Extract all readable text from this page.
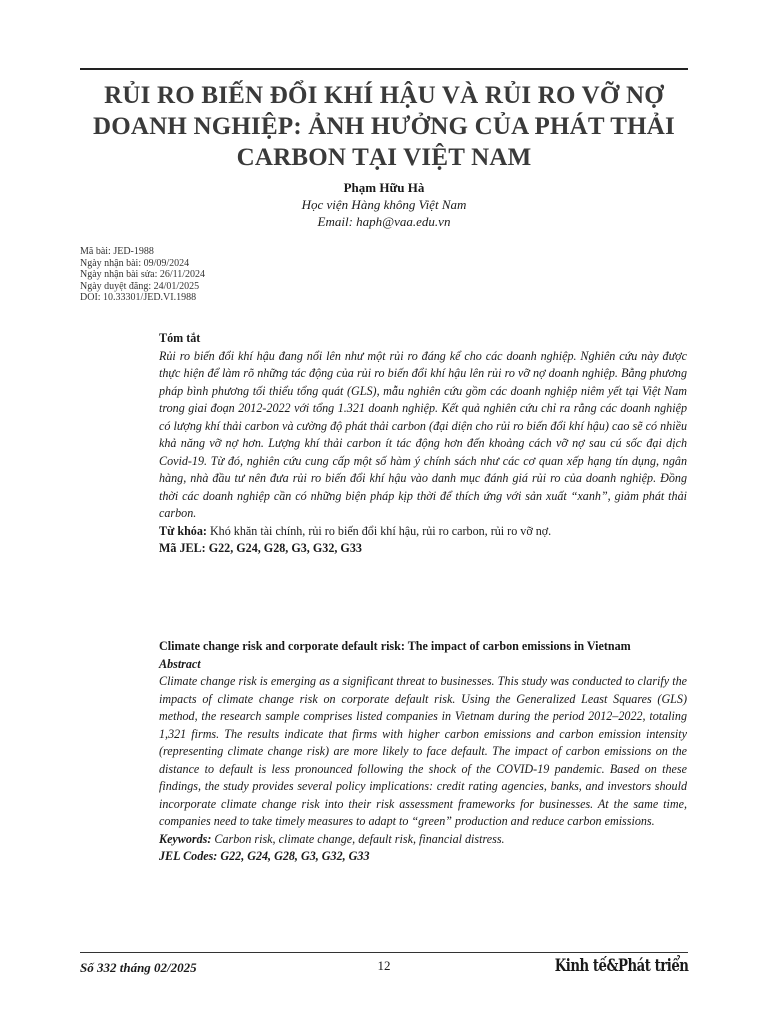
RỦI RO BIẾN ĐỔI KHÍ HẬU VÀ RỦI RO VỠ NỢ DOANH NGHIỆP: ẢNH HƯỞNG CỦA PHÁT THẢI CARBON TẠI VIỆT NAM
Phạm Hữu Hà
Học viện Hàng không Việt Nam
Email: haph@vaa.edu.vn
Mã bài: JED-1988
Ngày nhận bài: 09/09/2024
Ngày nhận bài sửa: 26/11/2024
Ngày duyệt đăng: 24/01/2025
DOI: 10.33301/JED.VI.1988
Tóm tắt
Rủi ro biến đổi khí hậu đang nổi lên như một rủi ro đáng kể cho các doanh nghiệp. Nghiên cứu này được thực hiện để làm rõ những tác động của rủi ro biến đổi khí hậu lên rủi ro vỡ nợ doanh nghiệp. Bằng phương pháp bình phương tối thiểu tổng quát (GLS), mẫu nghiên cứu gồm các doanh nghiệp niêm yết tại Việt Nam trong giai đoạn 2012-2022 với tổng 1.321 doanh nghiệp. Kết quả nghiên cứu chỉ ra rằng các doanh nghiệp có lượng khí thải carbon và cường độ phát thải carbon (đại diện cho rủi ro biến đổi khí hậu) cao sẽ có nhiều khả năng vỡ nợ hơn. Lượng khí thải carbon ít tác động hơn đến khoảng cách vỡ nợ sau cú sốc đại dịch Covid-19. Từ đó, nghiên cứu cung cấp một số hàm ý chính sách như các cơ quan xếp hạng tín dụng, ngân hàng, nhà đầu tư nên đưa rủi ro biến đổi khí hậu vào danh mục đánh giá rủi ro của doanh nghiệp. Đồng thời các doanh nghiệp cần có những biện pháp kịp thời để thích ứng với sản xuất “xanh”, giảm phát thải carbon.
Từ khóa: Khó khăn tài chính, rủi ro biến đổi khí hậu, rủi ro carbon, rủi ro vỡ nợ.
Mã JEL: G22, G24, G28, G3, G32, G33
Climate change risk and corporate default risk: The impact of carbon emissions in Vietnam
Abstract
Climate change risk is emerging as a significant threat to businesses. This study was conducted to clarify the impacts of climate change risk on corporate default risk. Using the Generalized Least Squares (GLS) method, the research sample comprises listed companies in Vietnam during the period 2012–2022, totaling 1,321 firms. The results indicate that firms with higher carbon emissions and carbon emission intensity (representing climate change risk) are more likely to face default. The impact of carbon emissions on the distance to default is less pronounced following the shock of the COVID-19 pandemic. Based on these findings, the study provides several policy implications: credit rating agencies, banks, and investors should incorporate climate change risk into their risk assessment frameworks for businesses. At the same time, companies need to take timely measures to adapt to “green” production and reduce carbon emissions.
Keywords: Carbon risk, climate change, default risk, financial distress.
JEL Codes: G22, G24, G28, G3, G32, G33
Số 332 tháng 02/2025	12	Kinh tế&Phát triển
